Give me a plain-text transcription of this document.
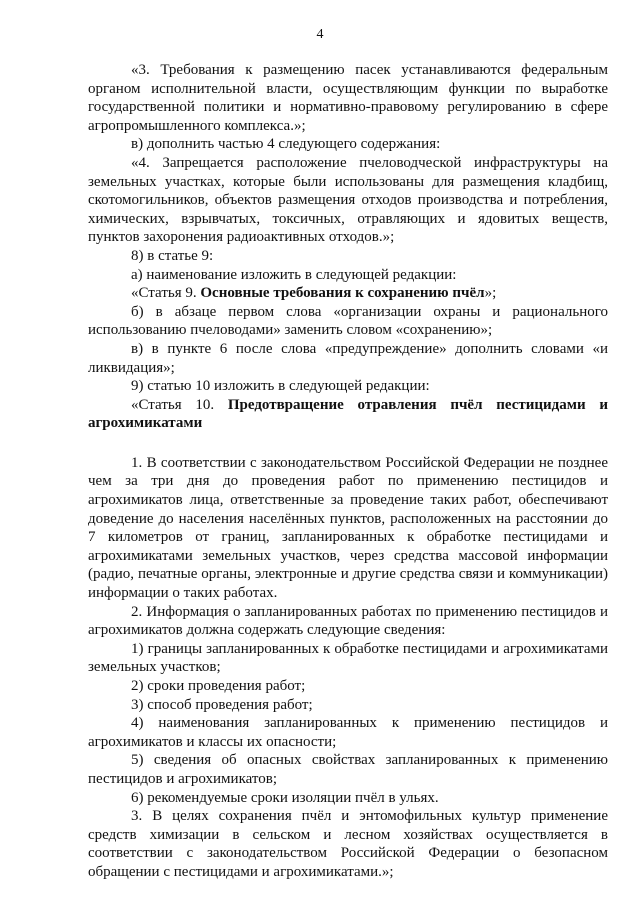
4

«3. Требования к размещению пасек устанавливаются федеральным органом исполнительной власти, осуществляющим функции по выработке государственной политики и нормативно-правовому регулированию в сфере агропромышленного комплекса.»;

в) дополнить частью 4 следующего содержания:

«4. Запрещается расположение пчеловодческой инфраструктуры на земельных участках, которые были использованы для размещения кладбищ, скотомогильников, объектов размещения отходов производства и потребления, химических, взрывчатых, токсичных, отравляющих и ядовитых веществ, пунктов захоронения радиоактивных отходов.»;

8) в статье 9:

а) наименование изложить в следующей редакции:

«Статья 9. Основные требования к сохранению пчёл»;

б) в абзаце первом слова «организации охраны и рационального использованию пчеловодами» заменить словом «сохранению»;

в) в пункте 6 после слова «предупреждение» дополнить словами «и ликвидация»;

9) статью 10 изложить в следующей редакции:

«Статья 10. Предотвращение отравления пчёл пестицидами и агрохимикатами

1. В соответствии с законодательством Российской Федерации не позднее чем за три дня до проведения работ по применению пестицидов и агрохимикатов лица, ответственные за проведение таких работ, обеспечивают доведение до населения населённых пунктов, расположенных на расстоянии до 7 километров от границ, запланированных к обработке пестицидами и агрохимикатами земельных участков, через средства массовой информации (радио, печатные органы, электронные и другие средства связи и коммуникации) информации о таких работах.

2. Информация о запланированных работах по применению пестицидов и агрохимикатов должна содержать следующие сведения:

1) границы запланированных к обработке пестицидами и агрохимикатами земельных участков;

2) сроки проведения работ;

3) способ проведения работ;

4) наименования запланированных к применению пестицидов и агрохимикатов и классы их опасности;

5) сведения об опасных свойствах запланированных к применению пестицидов и агрохимикатов;

6) рекомендуемые сроки изоляции пчёл в ульях.

3. В целях сохранения пчёл и энтомофильных культур применение средств химизации в сельском и лесном хозяйствах осуществляется в соответствии с законодательством Российской Федерации о безопасном обращении с пестицидами и агрохимикатами.»;
